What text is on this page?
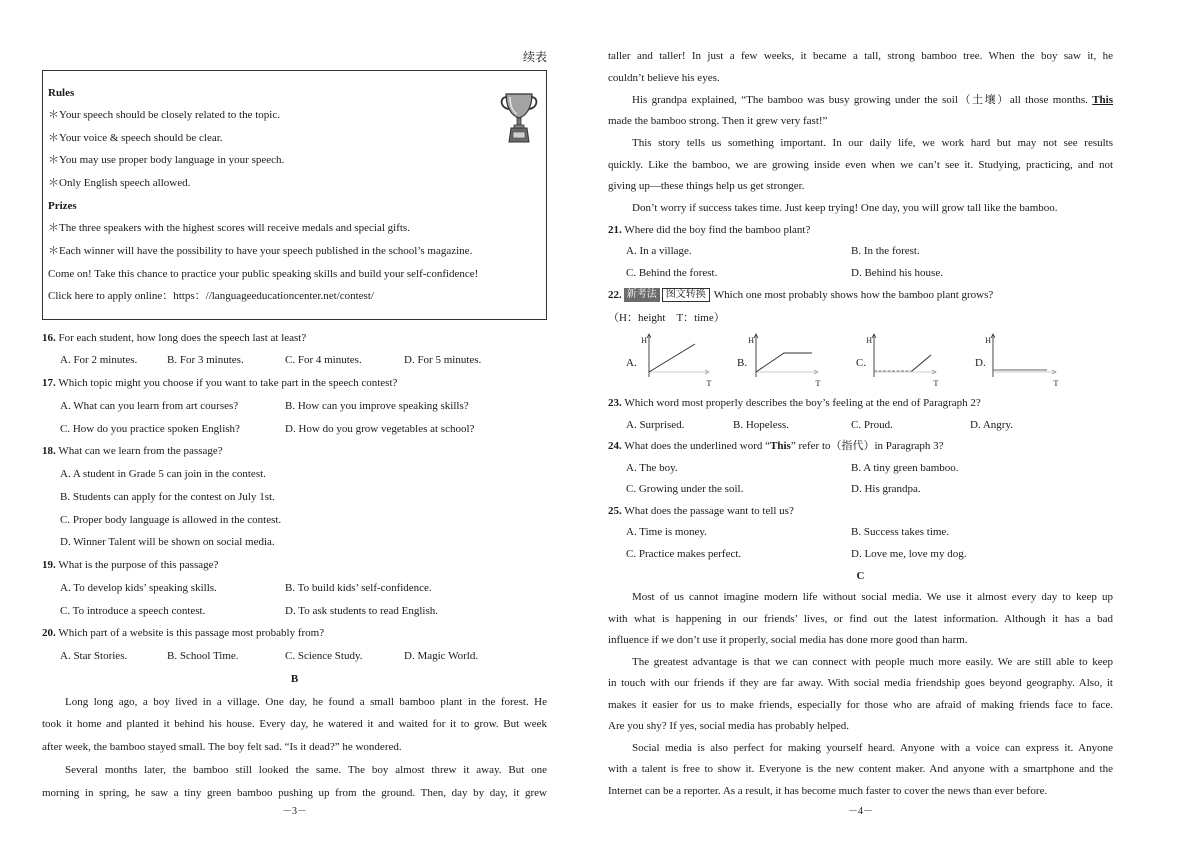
续表
Rules
＊Your speech should be closely related to the topic.
＊Your voice & speech should be clear.
＊You may use proper body language in your speech.
＊Only English speech allowed.
Prizes
＊The three speakers with the highest scores will receive medals and special gifts.
＊Each winner will have the possibility to have your speech published in the school’s magazine.
Come on! Take this chance to practice your public speaking skills and build your self-confidence!
Click here to apply online：https：//languageeducationcenter.net/contest/
16. For each student, how long does the speech last at least?
A. For 2 minutes.	B. For 3 minutes.	C. For 4 minutes.	D. For 5 minutes.
17. Which topic might you choose if you want to take part in the speech contest?
A. What can you learn from art courses?	B. How can you improve speaking skills?
C. How do you practice spoken English?	D. How do you grow vegetables at school?
18. What can we learn from the passage?
A. A student in Grade 5 can join in the contest.
B. Students can apply for the contest on July 1st.
C. Proper body language is allowed in the contest.
D. Winner Talent will be shown on social media.
19. What is the purpose of this passage?
A. To develop kids’ speaking skills.	B. To build kids’ self-confidence.
C. To introduce a speech contest.	D. To ask students to read English.
20. Which part of a website is this passage most probably from?
A. Star Stories.	B. School Time.	C. Science Study.	D. Magic World.
B
Long long ago, a boy lived in a village. One day, he found a small bamboo plant in the forest. He
took it home and planted it behind his house. Every day, he watered it and waited for it to grow. But week
after week, the bamboo stayed small. The boy felt sad. “Is it dead?” he wondered.
Several months later, the bamboo still looked the same. The boy almost threw it away. But one
morning in spring, he saw a tiny green bamboo pushing up from the ground. Then, day by day, it grew
－3－
taller and taller! In just a few weeks, it became a tall, strong bamboo tree. When the boy saw it, he
couldn’t believe his eyes.
His grandpa explained, “The bamboo was busy growing under the soil（土壤）all those months. This
made the bamboo strong. Then it grew very fast!”
This story tells us something important. In our daily life, we work hard but may not see results
quickly. Like the bamboo, we are growing inside even when we can’t see it. Studying, practicing, and not
giving up—these things help us get stronger.
Don’t worry if success takes time. Just keep trying! One day, you will grow tall like the bamboo.
21. Where did the boy find the bamboo plant?
A. In a village.	B. In the forest.
C. Behind the forest.	D. Behind his house.
22. 新考法 图文转换 Which one most probably shows how the bamboo plant grows?
（H：height　T：time）
A.
H
T
B.
H
T
C.
H
T
D.
H
T
23. Which word most properly describes the boy’s feeling at the end of Paragraph 2?
A. Surprised.	B. Hopeless.	C. Proud.	D. Angry.
24. What does the underlined word “This” refer to（指代）in Paragraph 3?
A. The boy.	B. A tiny green bamboo.
C. Growing under the soil.	D. His grandpa.
25. What does the passage want to tell us?
A. Time is money.	B. Success takes time.
C. Practice makes perfect.	D. Love me, love my dog.
C
Most of us cannot imagine modern life without social media. We use it almost every day to keep up
with what is happening in our friends’ lives, or find out the latest information. Although it has a bad
influence if we don’t use it properly, social media has done more good than harm.
The greatest advantage is that we can connect with people much more easily. We are still able to keep
in touch with our friends if they are far away. With social media friendship goes beyond geography. Also, it
makes it easier for us to make friends, especially for those who are afraid of making friends face to face.
Are you shy? If yes, social media has probably helped.
Social media is also perfect for making yourself heard. Anyone with a voice can express it. Anyone
with a talent is free to show it. Everyone is the new content maker. And anyone with a smartphone and the
Internet can be a reporter. As a result, it has become much faster to cover the news than ever before.
－4－
